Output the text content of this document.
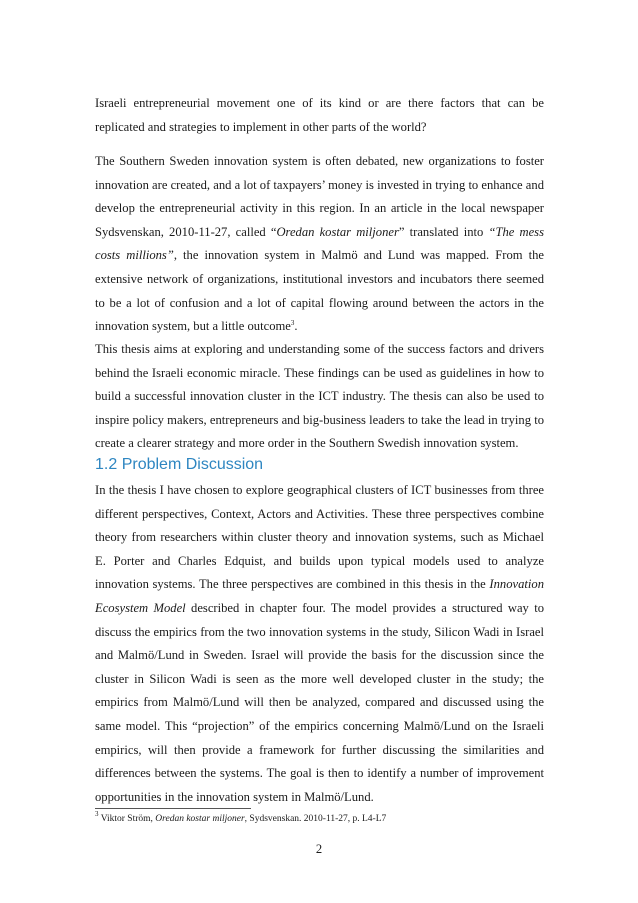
Israeli entrepreneurial movement one of its kind or are there factors that can be replicated and strategies to implement in other parts of the world?

The Southern Sweden innovation system is often debated, new organizations to foster innovation are created, and a lot of taxpayers’ money is invested in trying to enhance and develop the entrepreneurial activity in this region. In an article in the local newspaper Sydsvenskan, 2010-11-27, called “Oredan kostar miljoner” translated into “The mess costs millions”, the innovation system in Malmö and Lund was mapped. From the extensive network of organizations, institutional investors and incubators there seemed to be a lot of confusion and a lot of capital flowing around between the actors in the innovation system, but a little outcome$^3$.

This thesis aims at exploring and understanding some of the success factors and drivers behind the Israeli economic miracle. These findings can be used as guidelines in how to build a successful innovation cluster in the ICT industry. The thesis can also be used to inspire policy makers, entrepreneurs and big-business leaders to take the lead in trying to create a clearer strategy and more order in the Southern Swedish innovation system.

1.2 Problem Discussion

In the thesis I have chosen to explore geographical clusters of ICT businesses from three different perspectives, Context, Actors and Activities. These three perspectives combine theory from researchers within cluster theory and innovation systems, such as Michael E. Porter and Charles Edquist, and builds upon typical models used to analyze innovation systems. The three perspectives are combined in this thesis in the Innovation Ecosystem Model described in chapter four. The model provides a structured way to discuss the empirics from the two innovation systems in the study, Silicon Wadi in Israel and Malmö/Lund in Sweden. Israel will provide the basis for the discussion since the cluster in Silicon Wadi is seen as the more well developed cluster in the study; the empirics from Malmö/Lund will then be analyzed, compared and discussed using the same model. This “projection” of the empirics concerning Malmö/Lund on the Israeli empirics, will then provide a framework for further discussing the similarities and differences between the systems. The goal is then to identify a number of improvement opportunities in the innovation system in Malmö/Lund.

$^3$ Viktor Ström, Oredan kostar miljoner, Sydsvenskan. 2010-11-27, p. L4-L7

2
